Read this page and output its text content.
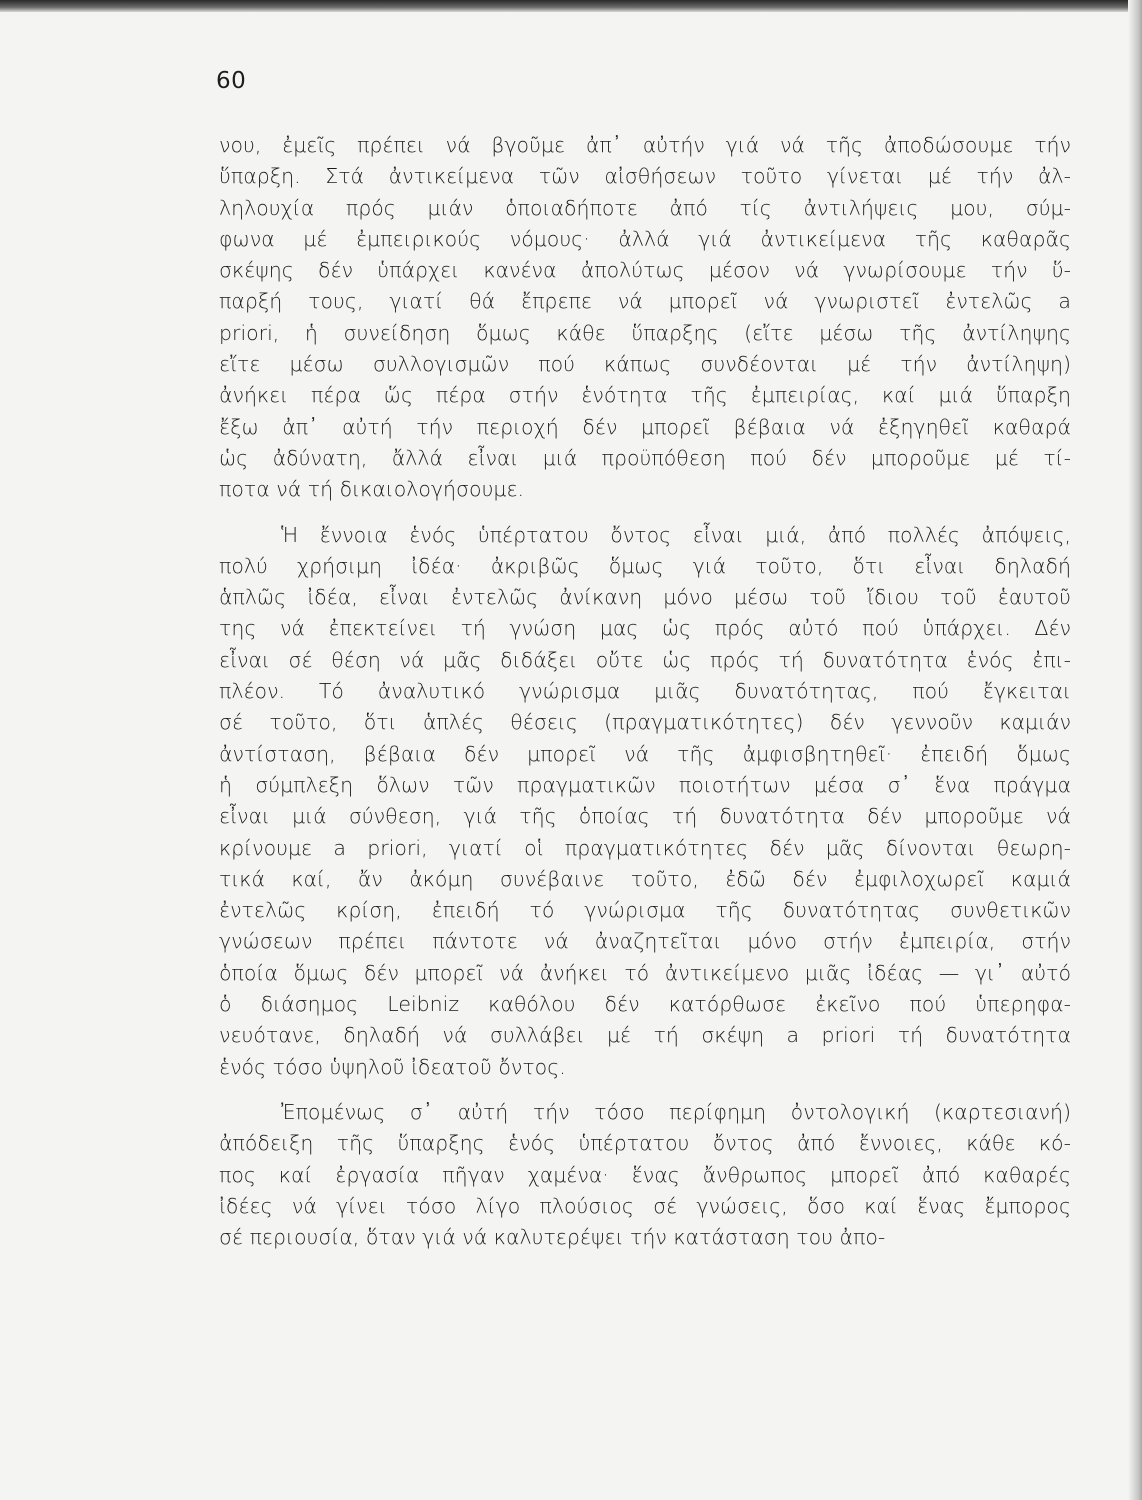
60
νου, ἐμεῖς πρέπει νά βγοῦμε ἀπ᾿ αὐτήν γιά νά τῆς ἀποδώσουμε τήν
ὕπαρξη. Στά ἀντικείμενα τῶν αἰσθήσεων τοῦτο γίνεται μέ τήν ἀλ-
ληλουχία πρός μιάν ὁποιαδήποτε ἀπό τίς ἀντιλήψεις μου, σύμ-
φωνα μέ ἐμπειρικούς νόμους· ἀλλά γιά ἀντικείμενα τῆς καθαρᾶς
σκέψης δέν ὑπάρχει κανένα ἀπολύτως μέσον νά γνωρίσουμε τήν ὕ-
παρξή τους, γιατί θά ἔπρεπε νά μπορεῖ νά γνωριστεῖ ἐντελῶς a
priori, ἡ συνείδηση ὅμως κάθε ὕπαρξης (εἴτε μέσω τῆς ἀντίληψης
εἴτε μέσω συλλογισμῶν πού κάπως συνδέονται μέ τήν ἀντίληψη)
ἀνήκει πέρα ὥς πέρα στήν ἑνότητα τῆς ἐμπειρίας, καί μιά ὕπαρξη
ἔξω ἀπ᾿ αὐτή τήν περιοχή δέν μπορεῖ βέβαια νά ἐξηγηθεῖ καθαρά
ὡς ἀδύνατη, ἄλλά εἶναι μιά προϋπόθεση πού δέν μποροῦμε μέ τί-
ποτα νά τή δικαιολογήσουμε.
Ἡ ἔννοια ἑνός ὑπέρτατου ὄντος εἶναι μιά, ἀπό πολλές ἀπόψεις,
πολύ χρήσιμη ἰδέα· ἀκριβῶς ὅμως γιά τοῦτο, ὅτι εἶναι δηλαδή
ἁπλῶς ἰδέα, εἶναι ἐντελῶς ἀνίκανη μόνο μέσω τοῦ ἴδιου τοῦ ἑαυτοῦ
της νά ἐπεκτείνει τή γνώση μας ὡς πρός αὐτό πού ὑπάρχει. Δέν
εἶναι σέ θέση νά μᾶς διδάξει οὔτε ὡς πρός τή δυνατότητα ἑνός ἐπι-
πλέον. Τό ἀναλυτικό γνώρισμα μιᾶς δυνατότητας, πού ἔγκειται
σέ τοῦτο, ὅτι ἁπλές θέσεις (πραγματικότητες) δέν γεννοῦν καμιάν
ἀντίσταση, βέβαια δέν μπορεῖ νά τῆς ἀμφισβητηθεῖ· ἐπειδή ὅμως
ἡ σύμπλεξη ὅλων τῶν πραγματικῶν ποιοτήτων μέσα σ᾿ ἕνα πράγμα
εἶναι μιά σύνθεση, γιά τῆς ὁποίας τή δυνατότητα δέν μποροῦμε νά
κρίνουμε a priori, γιατί οἱ πραγματικότητες δέν μᾶς δίνονται θεωρη-
τικά καί, ἄν ἀκόμη συνέβαινε τοῦτο, ἐδῶ δέν ἐμφιλοχωρεῖ καμιά
ἐντελῶς κρίση, ἐπειδή τό γνώρισμα τῆς δυνατότητας συνθετικῶν
γνώσεων πρέπει πάντοτε νά ἀναζητεῖται μόνο στήν ἐμπειρία, στήν
ὁποία ὅμως δέν μπορεῖ νά ἀνήκει τό ἀντικείμενο μιᾶς ἰδέας — γι᾿ αὐτό
ὁ διάσημος Leibniz καθόλου δέν κατόρθωσε ἐκεῖνο πού ὑπερηφα-
νευότανε, δηλαδή νά συλλάβει μέ τή σκέψη a priori τή δυνατότητα
ἑνός τόσο ὑψηλοῦ ἰδεατοῦ ὄντος.
Ἐπομένως σ᾿ αὐτή τήν τόσο περίφημη ὀντολογική (καρτεσιανή)
ἀπόδειξη τῆς ὕπαρξης ἑνός ὑπέρτατου ὄντος ἀπό ἔννοιες, κάθε κό-
πος καί ἐργασία πῆγαν χαμένα· ἕνας ἄνθρωπος μπορεῖ ἀπό καθαρές
ἰδέες νά γίνει τόσο λίγο πλούσιος σέ γνώσεις, ὅσο καί ἕνας ἔμπορος
σέ περιουσία, ὅταν γιά νά καλυτερέψει τήν κατάσταση του ἀπο-
